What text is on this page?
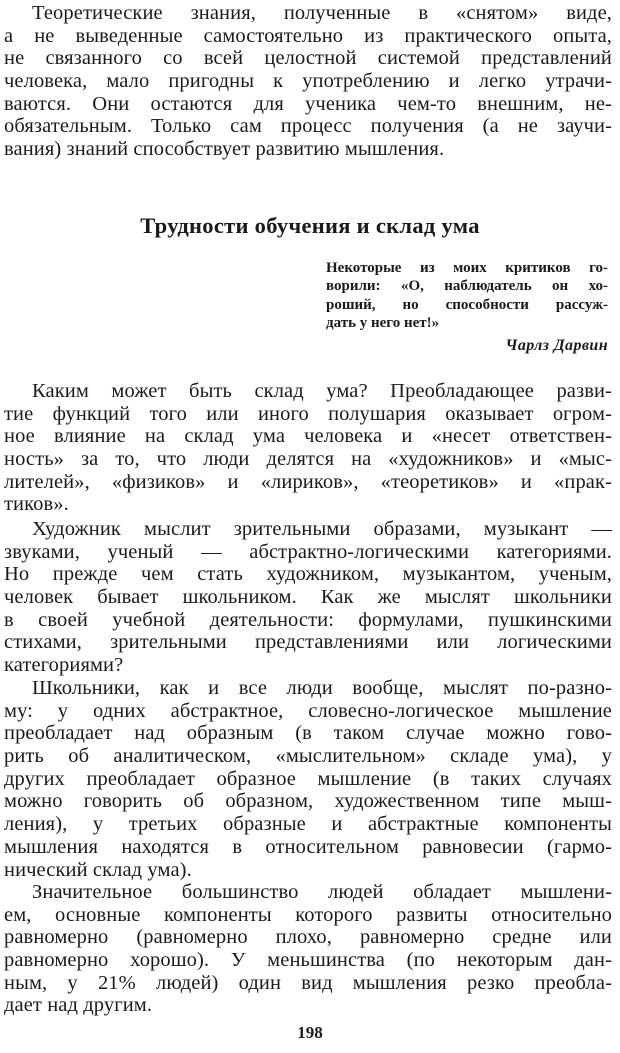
Теоретические знания, полученные в «снятом» виде,
а не выведенные самостоятельно из практического опыта,
не связанного со всей целостной системой представлений
человека, мало пригодны к употреблению и легко утрачи-
ваются. Они остаются для ученика чем-то внешним, не-
обязательным. Только сам процесс получения (а не заучи-
вания) знаний способствует развитию мышления.
Трудности обучения и склад ума
Некоторые из моих критиков го-
ворили: «О, наблюдатель он хо-
роший, но способности рассуж-
дать у него нет!»
Чарлз Дарвин
Каким может быть склад ума? Преобладающее разви-
тие функций того или иного полушария оказывает огром-
ное влияние на склад ума человека и «несет ответствен-
ность» за то, что люди делятся на «художников» и «мыс-
лителей», «физиков» и «лириков», «теоретиков» и «прак-
тиков».
Художник мыслит зрительными образами, музыкант —
звуками, ученый — абстрактно-логическими категориями.
Но прежде чем стать художником, музыкантом, ученым,
человек бывает школьником. Как же мыслят школьники
в своей учебной деятельности: формулами, пушкинскими
стихами, зрительными представлениями или логическими
категориями?
Школьники, как и все люди вообще, мыслят по-разно-
му: у одних абстрактное, словесно-логическое мышление
преобладает над образным (в таком случае можно гово-
рить об аналитическом, «мыслительном» складе ума), у
других преобладает образное мышление (в таких случаях
можно говорить об образном, художественном типе мыш-
ления), у третьих образные и абстрактные компоненты
мышления находятся в относительном равновесии (гармо-
нический склад ума).
Значительное большинство людей обладает мышлени-
ем, основные компоненты которого развиты относительно
равномерно (равномерно плохо, равномерно средне или
равномерно хорошо). У меньшинства (по некоторым дан-
ным, у 21% людей) один вид мышления резко преобла-
дает над другим.
198
